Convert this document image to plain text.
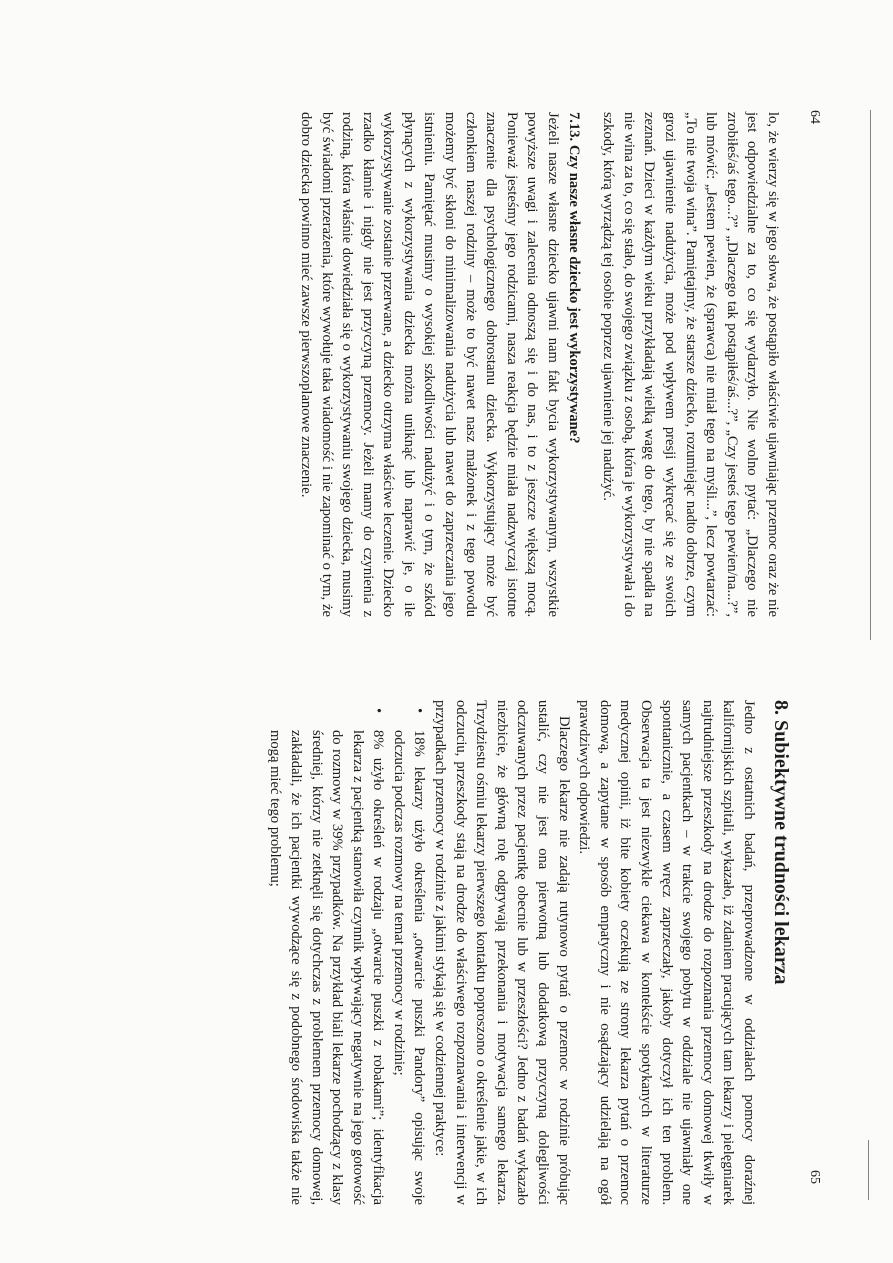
64

lo, że wierzy się w jego słowa, że postąpiło właściwie ujawniając przemoc oraz że nie jest odpowiedzialne za to, co się wydarzyło. Nie wolno pytać: „Dlaczego nie zrobiłeś/aś tego...?”, „Dlaczego tak postąpiłeś/aś...?”, „Czy jesteś tego pewien/na...?”, lub mówić: „Jestem pewien, że (sprawca) nie miał tego na myśli...”, lecz powtarzać: „To nie twoja wina”. Pamiętajmy, że starsze dziecko, rozumiejąc nadto dobrze, czym grozi ujawnienie nadużycia, może pod wpływem presji wykręcać się ze swoich zeznań. Dzieci w każdym wieku przykładają wielką wagę do tego, by nie spadła na nie wina za to, co się stało, do swojego związku z osobą, która je wykorzystywała i do szkody, którą wyrządzą tej osobie poprzez ujawnienie jej nadużyć.

7.13. Czy nasze własne dziecko jest wykorzystywane?

Jeżeli nasze własne dziecko ujawni nam fakt bycia wykorzystywanym, wszystkie powyższe uwagi i zalecenia odnoszą się i do nas, i to z jeszcze większą mocą. Ponieważ jesteśmy jego rodzicami, nasza reakcja będzie miała nadzwyczaj istotne znaczenie dla psychologicznego dobrostanu dziecka. Wykorzystujący może być członkiem naszej rodziny – może to być nawet nasz małżonek i z tego powodu możemy być skłoni do minimalizowania nadużycia lub nawet do zaprzeczania jego istnieniu. Pamiętać musimy o wysokiej szkodliwości nadużyć i o tym, że szkód płynących z wykorzystywania dziecka można uniknąć lub naprawić je, o ile wykorzystywanie zostanie przerwane, a dziecko otrzyma właściwe leczenie. Dziecko rzadko kłamie i nigdy nie jest przyczyną przemocy. Jeżeli mamy do czynienia z rodziną, która właśnie dowiedziała się o wykorzystywaniu swojego dziecka, musimy być świadomi przerażenia, które wywołuje taka wiadomość i nie zapominać o tym, że dobro dziecka powinno mieć zawsze pierwszoplanowe znaczenie.

65
8. Subiektywne trudności lekarza

Jedno z ostatnich badań, przeprowadzone w oddziałach pomocy doraźnej kalifornijskich szpitali, wykazało, iż zdaniem pracujących tam lekarzy i pielęgniarek najtrudniejsze przeszkody na drodze do rozpoznania przemocy domowej tkwiły w samych pacjentkach – w trakcie swojego pobytu w oddziale nie ujawniały one spontanicznie, a czasem wręcz zaprzeczały, jakoby dotyczył ich ten problem. Obserwacja ta jest niezwykle ciekawa w kontekście spotykanych w literaturze medycznej opinii, iż bite kobiety oczekują ze strony lekarza pytań o przemoc domową, a zapytane w sposób empatyczny i nie osądzający udzielają na ogół prawdziwych odpowiedzi.

Dlaczego lekarze nie zadają rutynowo pytań o przemoc w rodzinie próbując ustalić, czy nie jest ona pierwotną lub dodatkową przyczyną dolegliwości odczuwanych przez pacjentkę obecnie lub w przeszłości? Jedno z badań wykazało niezbicie, że główną rolę odgrywają przekonania i motywacja samego lekarza. Trzydziestu ośmiu lekarzy pierwszego kontaktu poproszono o określenie jakie, w ich odczuciu, przeszkody stają na drodze do właściwego rozpoznawania i interwencji w przypadkach przemocy w rodzinie z jakimi stykają się w codziennej praktyce:

• 18% lekarzy użyło określenia „otwarcie puszki Pandory” opisując swoje odczucia podczas rozmowy na temat przemocy w rodzinie;
• 8% użyło określeń w rodzaju „otwarcie puszki z robakami”; identyfikacja lekarza z pacjentką stanowiła czynnik wpływający negatywnie na jego gotowość do rozmowy w 39% przypadków. Na przykład biali lekarze pochodzący z klasy średniej, którzy nie zetknęli się dotychczas z problemem przemocy domowej, zakładali, że ich pacjentki wywodzące się z podobnego środowiska także nie mogą mieć tego problemu;
